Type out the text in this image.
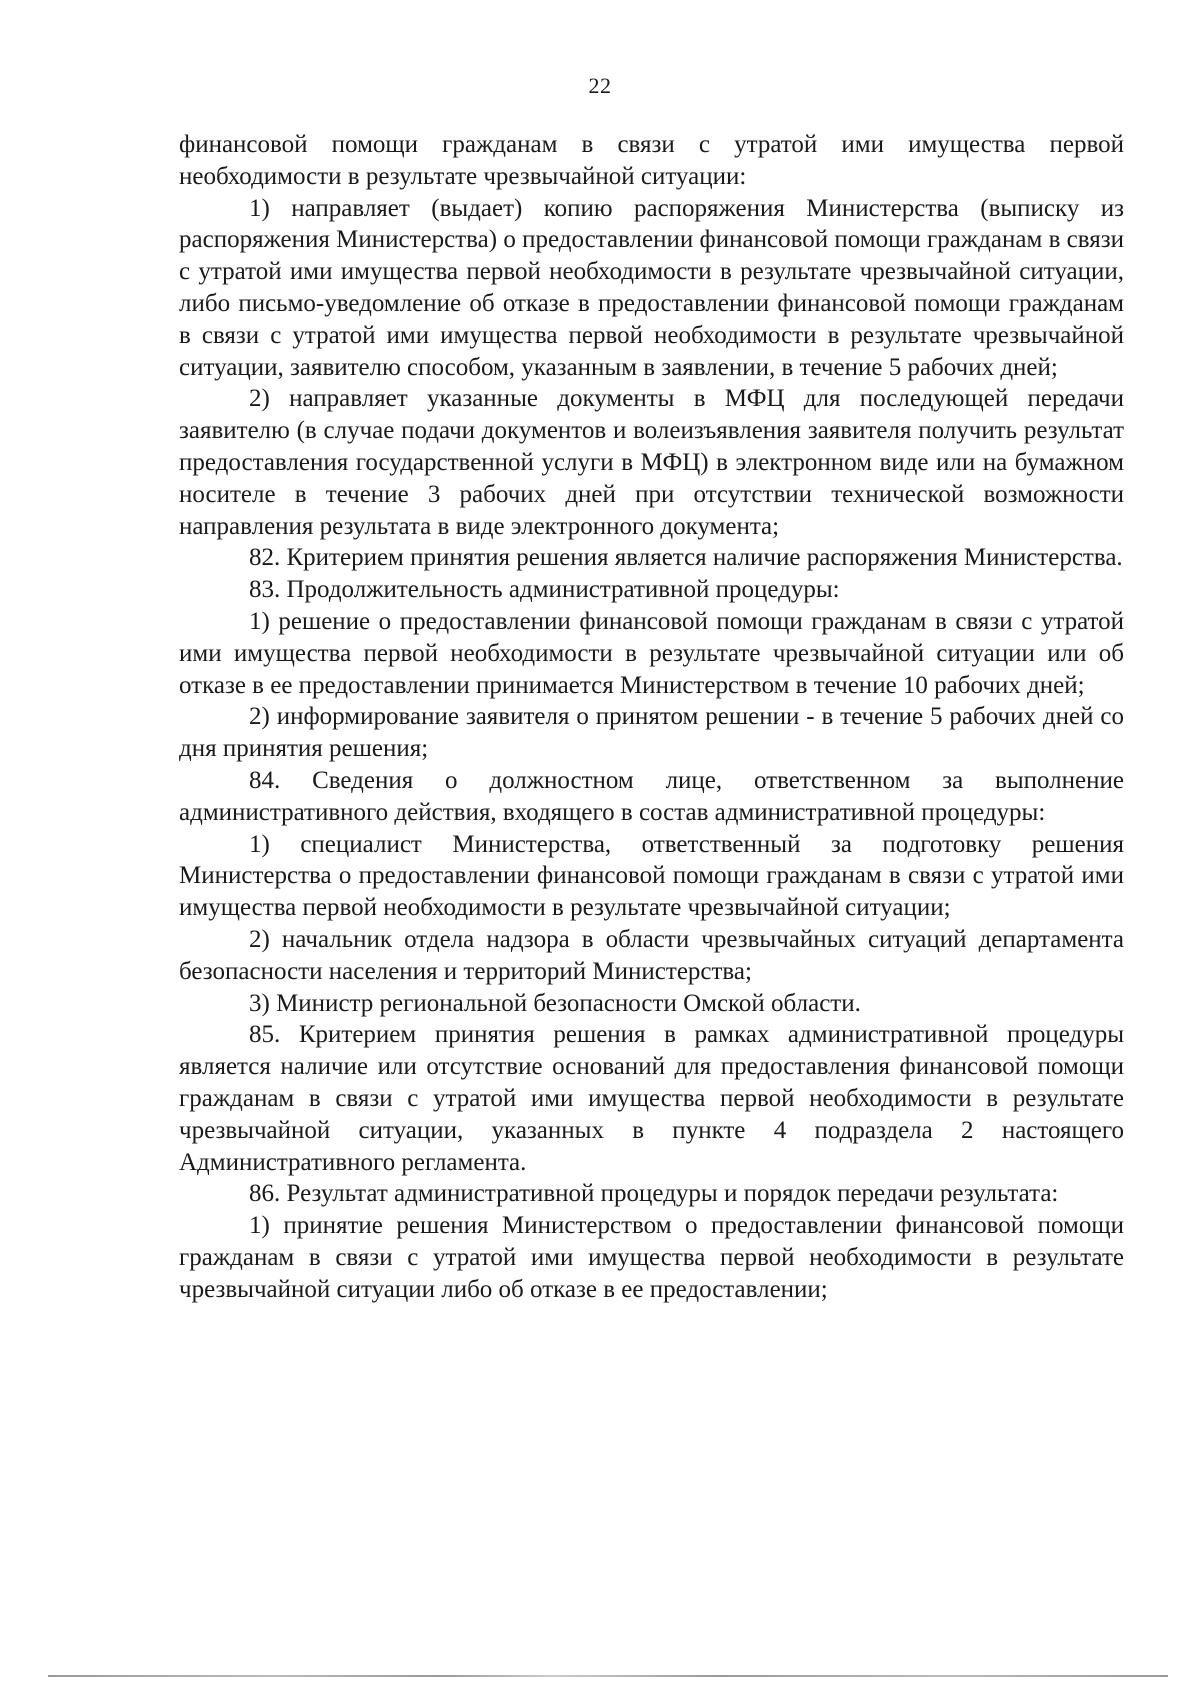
22

финансовой помощи гражданам в связи с утратой ими имущества первой необходимости в результате чрезвычайной ситуации:

1) направляет (выдает) копию распоряжения Министерства (выписку из распоряжения Министерства) о предоставлении финансовой помощи гражданам в связи с утратой ими имущества первой необходимости в результате чрезвычайной ситуации, либо письмо-уведомление об отказе в предоставлении финансовой помощи гражданам в связи с утратой ими имущества первой необходимости в результате чрезвычайной ситуации, заявителю способом, указанным в заявлении, в течение 5 рабочих дней;

2) направляет указанные документы в МФЦ для последующей передачи заявителю (в случае подачи документов и волеизъявления заявителя получить результат предоставления государственной услуги в МФЦ) в электронном виде или на бумажном носителе в течение 3 рабочих дней при отсутствии технической возможности направления результата в виде электронного документа;

82. Критерием принятия решения является наличие распоряжения Министерства.

83. Продолжительность административной процедуры:

1) решение о предоставлении финансовой помощи гражданам в связи с утратой ими имущества первой необходимости в результате чрезвычайной ситуации или об отказе в ее предоставлении принимается Министерством в течение 10 рабочих дней;

2) информирование заявителя о принятом решении - в течение 5 рабочих дней со дня принятия решения;

84. Сведения о должностном лице, ответственном за выполнение административного действия, входящего в состав административной процедуры:

1) специалист Министерства, ответственный за подготовку решения Министерства о предоставлении финансовой помощи гражданам в связи с утратой ими имущества первой необходимости в результате чрезвычайной ситуации;

2) начальник отдела надзора в области чрезвычайных ситуаций департамента безопасности населения и территорий Министерства;

3) Министр региональной безопасности Омской области.

85. Критерием принятия решения в рамках административной процедуры является наличие или отсутствие оснований для предоставления финансовой помощи гражданам в связи с утратой ими имущества первой необходимости в результате чрезвычайной ситуации, указанных в пункте 4 подраздела 2 настоящего Административного регламента.

86. Результат административной процедуры и порядок передачи результата:

1) принятие решения Министерством о предоставлении финансовой помощи гражданам в связи с утратой ими имущества первой необходимости в результате чрезвычайной ситуации либо об отказе в ее предоставлении;
